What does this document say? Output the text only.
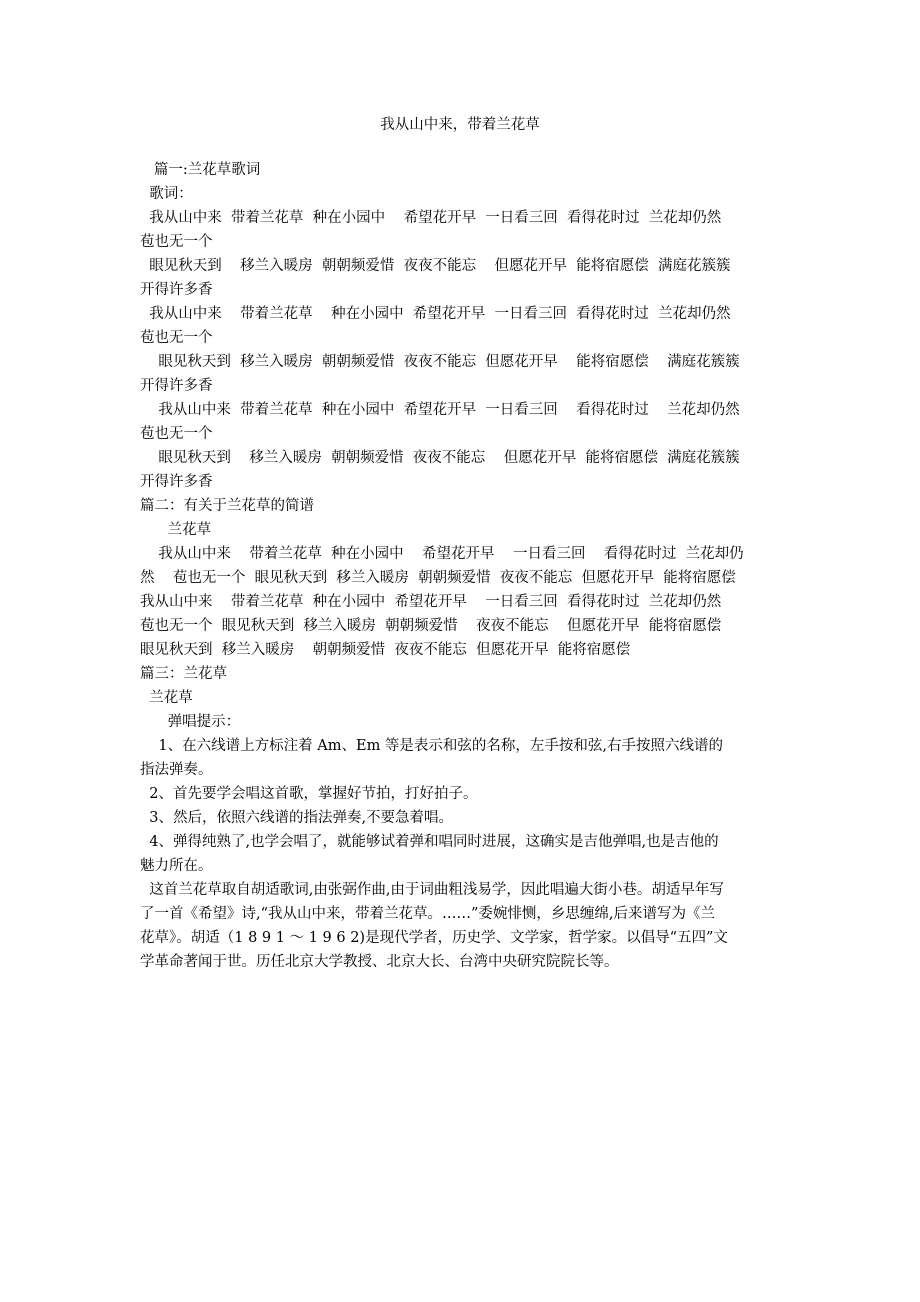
我从山中来，带着兰花草
篇一:兰花草歌词
歌词：
我从山中来  带着兰花草  种在小园中    希望花开早  一日看三回  看得花时过  兰花却仍然
苞也无一个
眼见秋天到    移兰入暖房  朝朝频爱惜  夜夜不能忘    但愿花开早  能将宿愿偿  满庭花簇簇
开得许多香
我从山中来    带着兰花草    种在小园中  希望花开早  一日看三回  看得花时过  兰花却仍然
苞也无一个
眼见秋天到  移兰入暖房  朝朝频爱惜  夜夜不能忘  但愿花开早    能将宿愿偿    满庭花簇簇
开得许多香
我从山中来  带着兰花草  种在小园中  希望花开早  一日看三回    看得花时过    兰花却仍然
苞也无一个
眼见秋天到    移兰入暖房  朝朝频爱惜  夜夜不能忘    但愿花开早  能将宿愿偿  满庭花簇簇
开得许多香
篇二：有关于兰花草的简谱
兰花草
我从山中来    带着兰花草  种在小园中    希望花开早    一日看三回    看得花时过  兰花却仍
然    苞也无一个  眼见秋天到  移兰入暖房  朝朝频爱惜  夜夜不能忘  但愿花开早  能将宿愿偿
我从山中来    带着兰花草  种在小园中  希望花开早    一日看三回  看得花时过  兰花却仍然
苞也无一个  眼见秋天到  移兰入暖房  朝朝频爱惜    夜夜不能忘    但愿花开早  能将宿愿偿
眼见秋天到  移兰入暖房    朝朝频爱惜  夜夜不能忘  但愿花开早  能将宿愿偿
篇三：兰花草
兰花草
弹唱提示：
1、在六线谱上方标注着 Am、Em 等是表示和弦的名称，左手按和弦,右手按照六线谱的
指法弹奏。
2、首先要学会唱这首歌，掌握好节拍，打好拍子。
3、然后，依照六线谱的指法弹奏,不要急着唱。
4、弹得纯熟了,也学会唱了，就能够试着弹和唱同时进展，这确实是吉他弹唱,也是吉他的
魅力所在。
这首兰花草取自胡适歌词,由张弼作曲,由于词曲粗浅易学，因此唱遍大街小巷。胡适早年写
了一首《希望》诗,“我从山中来，带着兰花草。……”委婉悱恻，乡思缠绵,后来谱写为《兰
花草》。胡适（1 8 9 1 ～ 1 9 6 2)是现代学者，历史学、文学家，哲学家。以倡导“五四”文
学革命著闻于世。历任北京大学教授、北京大长、台湾中央研究院院长等。
